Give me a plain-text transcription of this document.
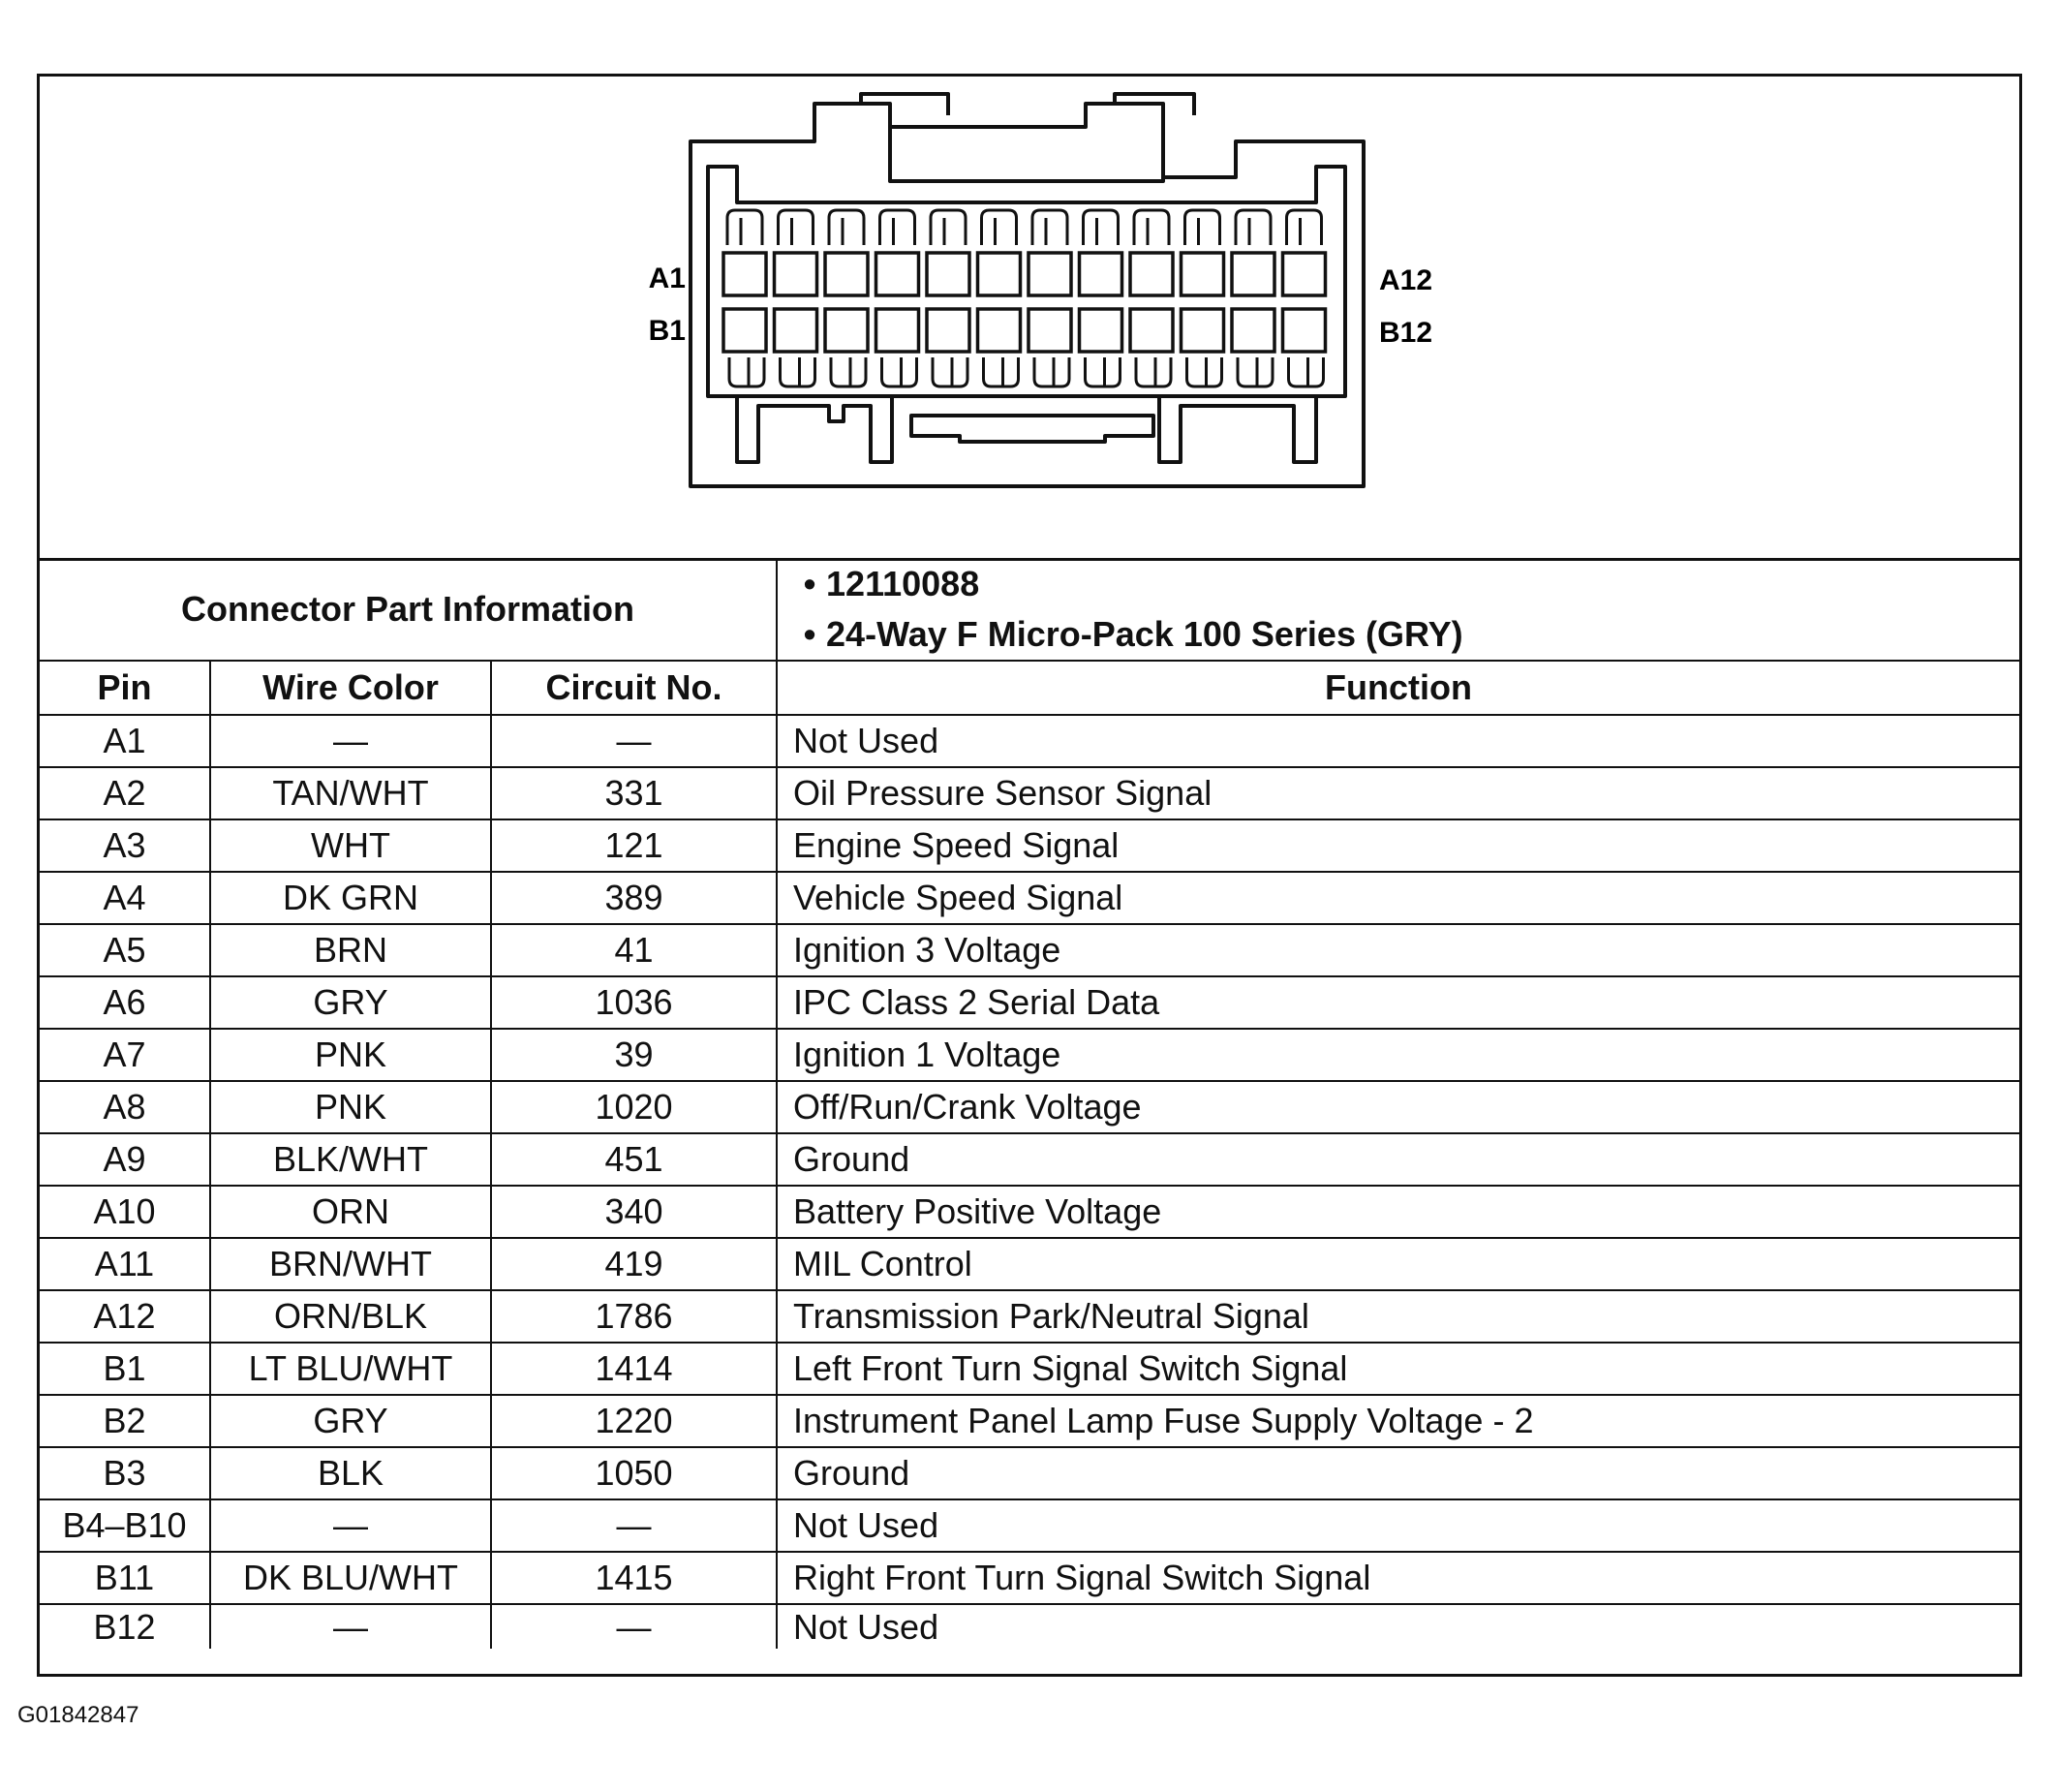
A1	A12
B1	B12
Connector Part Information			• 12110088
• 24-Way F Micro-Pack 100 Series (GRY)

Pin	Wire Color	Circuit No.	Function
A1	—	—	Not Used
A2	TAN/WHT	331	Oil Pressure Sensor Signal
A3	WHT	121	Engine Speed Signal
A4	DK GRN	389	Vehicle Speed Signal
A5	BRN	41	Ignition 3 Voltage
A6	GRY	1036	IPC Class 2 Serial Data
A7	PNK	39	Ignition 1 Voltage
A8	PNK	1020	Off/Run/Crank Voltage
A9	BLK/WHT	451	Ground
A10	ORN	340	Battery Positive Voltage
A11	BRN/WHT	419	MIL Control
A12	ORN/BLK	1786	Transmission Park/Neutral Signal
B1	LT BLU/WHT	1414	Left Front Turn Signal Switch Signal
B2	GRY	1220	Instrument Panel Lamp Fuse Supply Voltage - 2
B3	BLK	1050	Ground
B4–B10	—	—	Not Used
B11	DK BLU/WHT	1415	Right Front Turn Signal Switch Signal
B12	—	—	Not Used
G01842847
